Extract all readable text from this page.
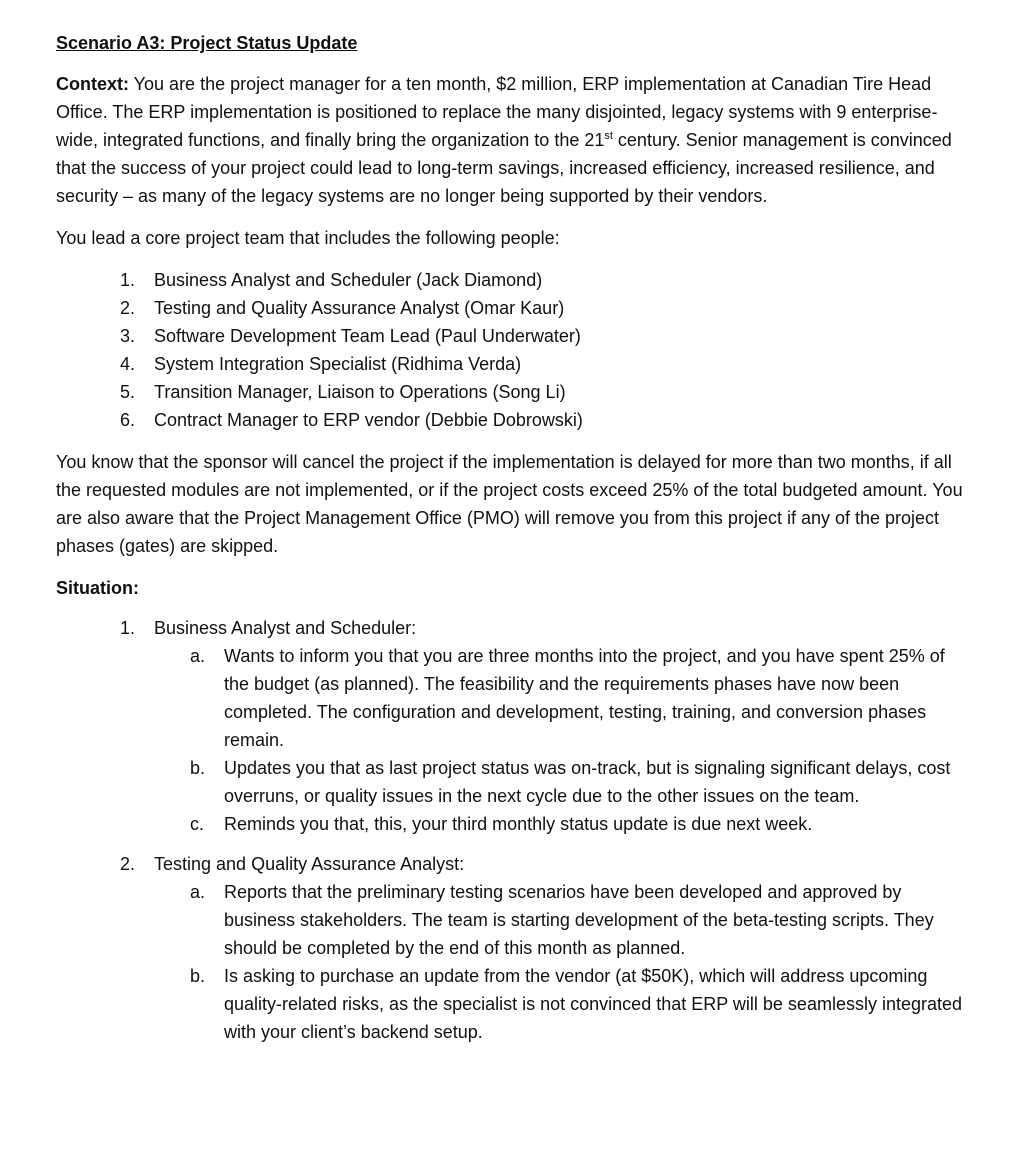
Scenario A3: Project Status Update

Context: You are the project manager for a ten month, $2 million, ERP implementation at Canadian Tire Head Office. The ERP implementation is positioned to replace the many disjointed, legacy systems with 9 enterprise-wide, integrated functions, and finally bring the organization to the 21st century. Senior management is convinced that the success of your project could lead to long-term savings, increased efficiency, increased resilience, and security – as many of the legacy systems are no longer being supported by their vendors.

You lead a core project team that includes the following people:

1.	Business Analyst and Scheduler (Jack Diamond)
2.	Testing and Quality Assurance Analyst (Omar Kaur)
3.	Software Development Team Lead (Paul Underwater)
4.	System Integration Specialist (Ridhima Verda)
5.	Transition Manager, Liaison to Operations (Song Li)
6.	Contract Manager to ERP vendor (Debbie Dobrowski)

You know that the sponsor will cancel the project if the implementation is delayed for more than two months, if all the requested modules are not implemented, or if the project costs exceed 25% of the total budgeted amount. You are also aware that the Project Management Office (PMO) will remove you from this project if any of the project phases (gates) are skipped.

Situation:

1. Business Analyst and Scheduler:
a. Wants to inform you that you are three months into the project, and you have spent 25% of the budget (as planned). The feasibility and the requirements phases have now been completed. The configuration and development, testing, training, and conversion phases remain.
b. Updates you that as last project status was on-track, but is signaling significant delays, cost overruns, or quality issues in the next cycle due to the other issues on the team.
c. Reminds you that, this, your third monthly status update is due next week.
2. Testing and Quality Assurance Analyst:
a. Reports that the preliminary testing scenarios have been developed and approved by business stakeholders. The team is starting development of the beta-testing scripts. They should be completed by the end of this month as planned.
b. Is asking to purchase an update from the vendor (at $50K), which will address upcoming quality-related risks, as the specialist is not convinced that ERP will be seamlessly integrated with your client’s backend setup.
